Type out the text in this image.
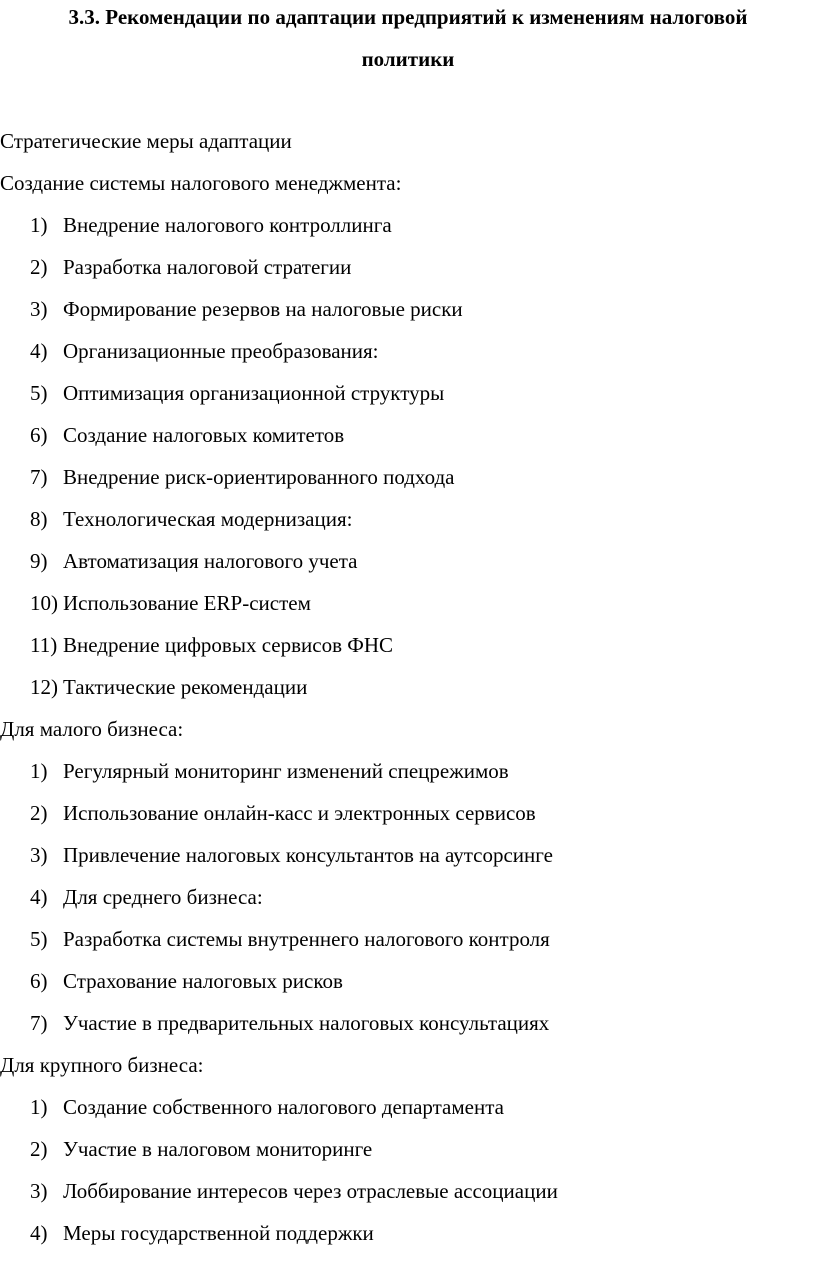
3.3. Рекомендации по адаптации предприятий к изменениям налоговой
политики
Стратегические меры адаптации
Создание системы налогового менеджмента:
1) Внедрение налогового контроллинга
2) Разработка налоговой стратегии
3) Формирование резервов на налоговые риски
4) Организационные преобразования:
5) Оптимизация организационной структуры
6) Создание налоговых комитетов
7) Внедрение риск-ориентированного подхода
8) Технологическая модернизация:
9) Автоматизация налогового учета
10) Использование ERP-систем
11) Внедрение цифровых сервисов ФНС
12) Тактические рекомендации
Для малого бизнеса:
1) Регулярный мониторинг изменений спецрежимов
2) Использование онлайн-касс и электронных сервисов
3) Привлечение налоговых консультантов на аутсорсинге
4) Для среднего бизнеса:
5) Разработка системы внутреннего налогового контроля
6) Страхование налоговых рисков
7) Участие в предварительных налоговых консультациях
Для крупного бизнеса:
1) Создание собственного налогового департамента
2) Участие в налоговом мониторинге
3) Лоббирование интересов через отраслевые ассоциации
4) Меры государственной поддержки
